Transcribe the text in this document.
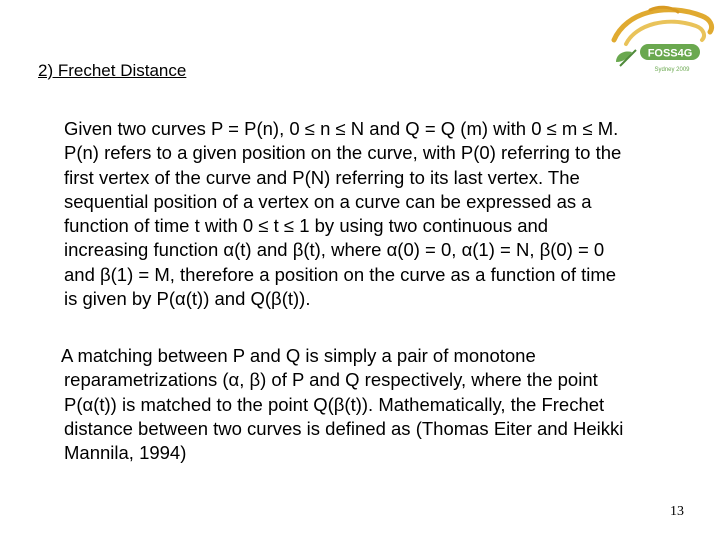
2) Frechet Distance
FOSS4G
Sydney 2009

Given two curves P = P(n), 0 ≤ n ≤ N and Q = Q (m) with 0 ≤ m ≤ M.
P(n) refers to a given position on the curve, with P(0) referring to the
first vertex of the curve and P(N) referring to its last vertex. The
sequential position of a vertex on a curve can be expressed as a
function of time t with 0 ≤ t ≤ 1 by using two continuous and
increasing function α(t) and β(t), where α(0) = 0, α(1) = N, β(0) = 0
and β(1) = M, therefore a position on the curve as a function of time
is given by P(α(t)) and Q(β(t)).

A matching between P and Q is simply a pair of monotone
reparametrizations (α, β) of P and Q respectively, where the point
P(α(t)) is matched to the point Q(β(t)). Mathematically, the Frechet
distance between two curves is defined as (Thomas Eiter and Heikki
Mannila, 1994)

13
